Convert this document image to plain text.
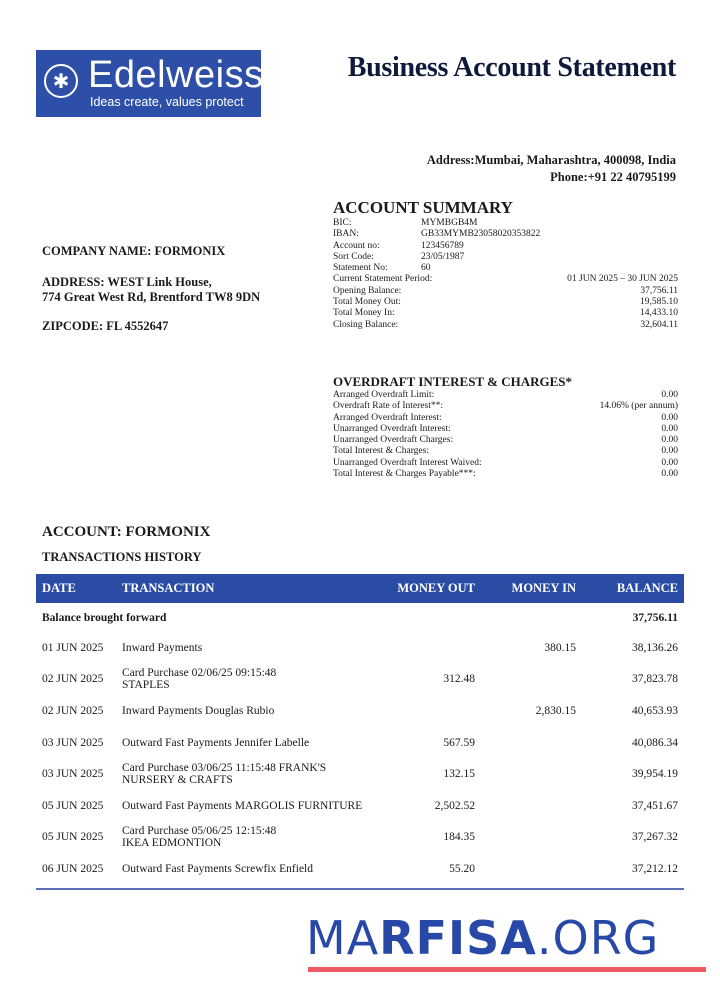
✱ Edelweiss
Ideas create, values protect
Business Account Statement
Address:Mumbai, Maharashtra, 400098, India
Phone:+91 22 40795199
COMPANY NAME: FORMONIX
ADDRESS: WEST Link House,
774 Great West Rd, Brentford TW8 9DN
ZIPCODE: FL 4552647
ACCOUNT SUMMARY
BIC:	MYMBGB4M
IBAN:	GB33MYMB23058020353822
Account no:	123456789
Sort Code:	23/05/1987
Statement No:	60
Current Statement Period:	01 JUN 2025 – 30 JUN 2025
Opening Balance:	37,756.11
Total Money Out:	19,585.10
Total Money In:	14,433.10
Closing Balance:	32,604.11
OVERDRAFT INTEREST & CHARGES*
Arranged Overdraft Limit:	0.00
Overdraft Rate of Interest**:	14.06% (per annum)
Arranged Overdraft Interest:	0.00
Unarranged Overdraft Interest:	0.00
Unarranged Overdraft Charges:	0.00
Total Interest & Charges:	0.00
Unarranged Overdraft Interest Waived:	0.00
Total Interest & Charges Payable***:	0.00
ACCOUNT: FORMONIX
TRANSACTIONS HISTORY
DATE	TRANSACTION	MONEY OUT	MONEY IN	BALANCE
Balance brought forward				37,756.11
01 JUN 2025	Inward Payments		380.15	38,136.26
02 JUN 2025	Card Purchase 02/06/25 09:15:48
STAPLES	312.48		37,823.78
02 JUN 2025	Inward Payments Douglas Rubio		2,830.15	40,653.93
03 JUN 2025	Outward Fast Payments Jennifer Labelle	567.59		40,086.34
03 JUN 2025	Card Purchase 03/06/25 11:15:48 FRANK'S
NURSERY & CRAFTS	132.15		39,954.19
05 JUN 2025	Outward Fast Payments MARGOLIS FURNITURE	2,502.52		37,451.67
05 JUN 2025	Card Purchase 05/06/25 12:15:48
IKEA EDMONTION	184.35		37,267.32
06 JUN 2025	Outward Fast Payments Screwfix Enfield	55.20		37,212.12
MARFISA.ORG
